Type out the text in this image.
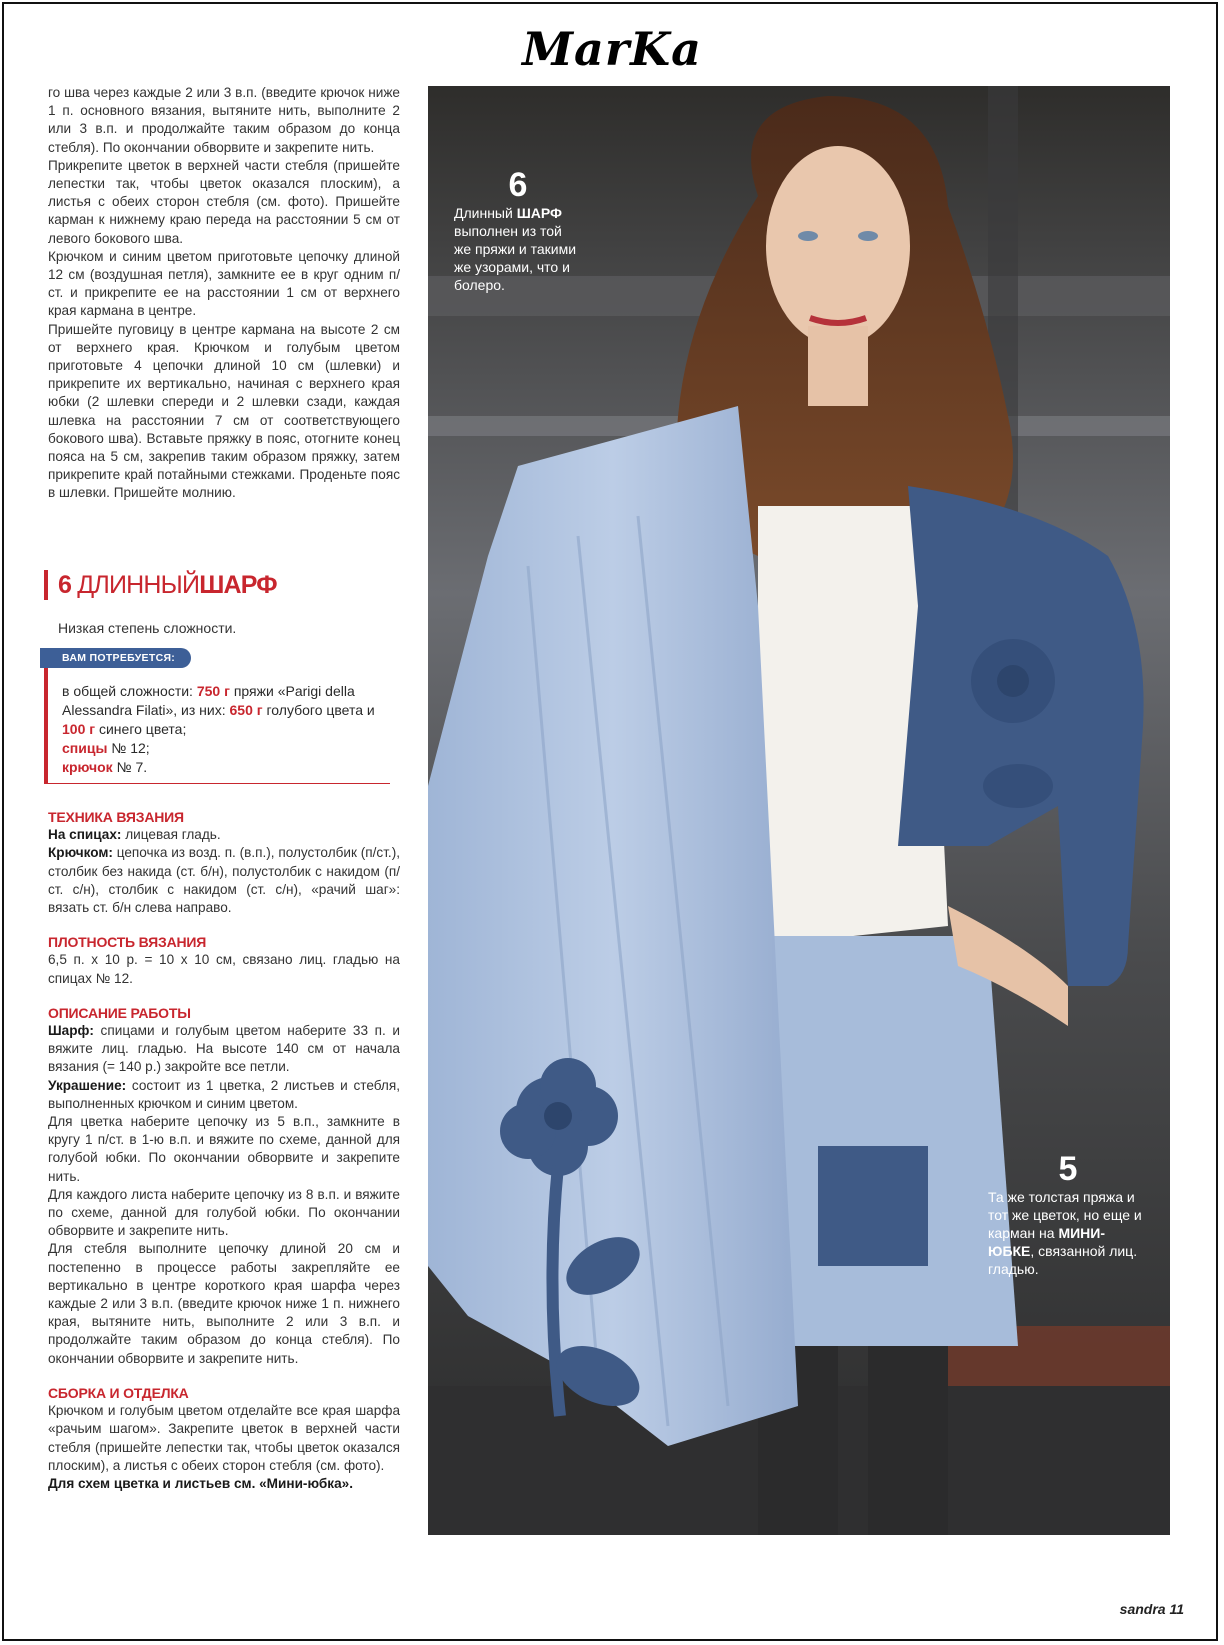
MarKa

го шва через каждые 2 или 3 в.п. (введите крючок ниже 1 п. основного вязания, вытяните нить, выполните 2 или 3 в.п. и продолжайте таким образом до конца стебля). По окончании обворвите и закрепите нить.

Прикрепите цветок в верхней части стебля (пришейте лепестки так, чтобы цветок оказался плоским), а листья с обеих сторон стебля (см. фото). Пришейте карман к нижнему краю переда на расстоянии 5 см от левого бокового шва.

Крючком и синим цветом приготовьте цепочку длиной 12 см (воздушная петля), замкните ее в круг одним п/ст. и прикрепите ее на расстоянии 1 см от верхнего края кармана в центре.

Пришейте пуговицу в центре кармана на высоте 2 см от верхнего края. Крючком и голубым цветом приготовьте 4 цепочки длиной 10 см (шлевки) и прикрепите их вертикально, начиная с верхнего края юбки (2 шлевки спереди и 2 шлевки сзади, каждая шлевка на расстоянии 7 см от соответствующего бокового шва). Вставьте пряжку в пояс, отогните конец пояса на 5 см, закрепив таким образом пряжку, затем прикрепите край потайными стежками. Проденьте пояс в шлевки. Пришейте молнию.

6 ДЛИННЫЙШАРФ

Низкая степень сложности.

ВАМ ПОТРЕБУЕТСЯ:
в общей сложности: 750 г пряжи «Parigi della Alessandra Filati», из них: 650 г голубого цвета и 100 г синего цвета;
спицы № 12;
крючок № 7.

ТЕХНИКА ВЯЗАНИЯ

На спицах: лицевая гладь.

Крючком: цепочка из возд. п. (в.п.), полустолбик (п/ст.), столбик без накида (ст. б/н), полустолбик с накидом (п/ст. с/н), столбик с накидом (ст. с/н), «рачий шаг»: вязать ст. б/н слева направо.

ПЛОТНОСТЬ ВЯЗАНИЯ

6,5 п. х 10 р. = 10 х 10 см, связано лиц. гладью на спицах № 12.

ОПИСАНИЕ РАБОТЫ

Шарф: спицами и голубым цветом наберите 33 п. и вяжите лиц. гладью. На высоте 140 см от начала вязания (= 140 р.) закройте все петли.

Украшение: состоит из 1 цветка, 2 листьев и стебля, выполненных крючком и синим цветом.

Для цветка наберите цепочку из 5 в.п., замкните в кругу 1 п/ст. в 1-ю в.п. и вяжите по схеме, данной для голубой юбки. По окончании обворвите и закрепите нить.

Для каждого листа наберите цепочку из 8 в.п. и вяжите по схеме, данной для голубой юбки. По окончании обворвите и закрепите нить.

Для стебля выполните цепочку длиной 20 см и постепенно в процессе работы закрепляйте ее вертикально в центре короткого края шарфа через каждые 2 или 3 в.п. (введите крючок ниже 1 п. нижнего края, вытяните нить, выполните 2 или 3 в.п. и продолжайте таким образом до конца стебля). По окончании обворвите и закрепите нить.

СБОРКА И ОТДЕЛКА

Крючком и голубым цветом отделайте все края шарфа «рачьим шагом». Закрепите цветок в верхней части стебля (пришейте лепестки так, чтобы цветок оказался плоским), а листья с обеих сторон стебля (см. фото).

Для схем цветка и листьев см. «Мини-юбка».

6
Длинный ШАРФ выполнен из той же пряжи и такими же узорами, что и болеро.
5
Та же толстая пряжа и тот же цветок, но еще и карман на МИНИ-ЮБКЕ, связанной лиц. гладью.
sandra 11
